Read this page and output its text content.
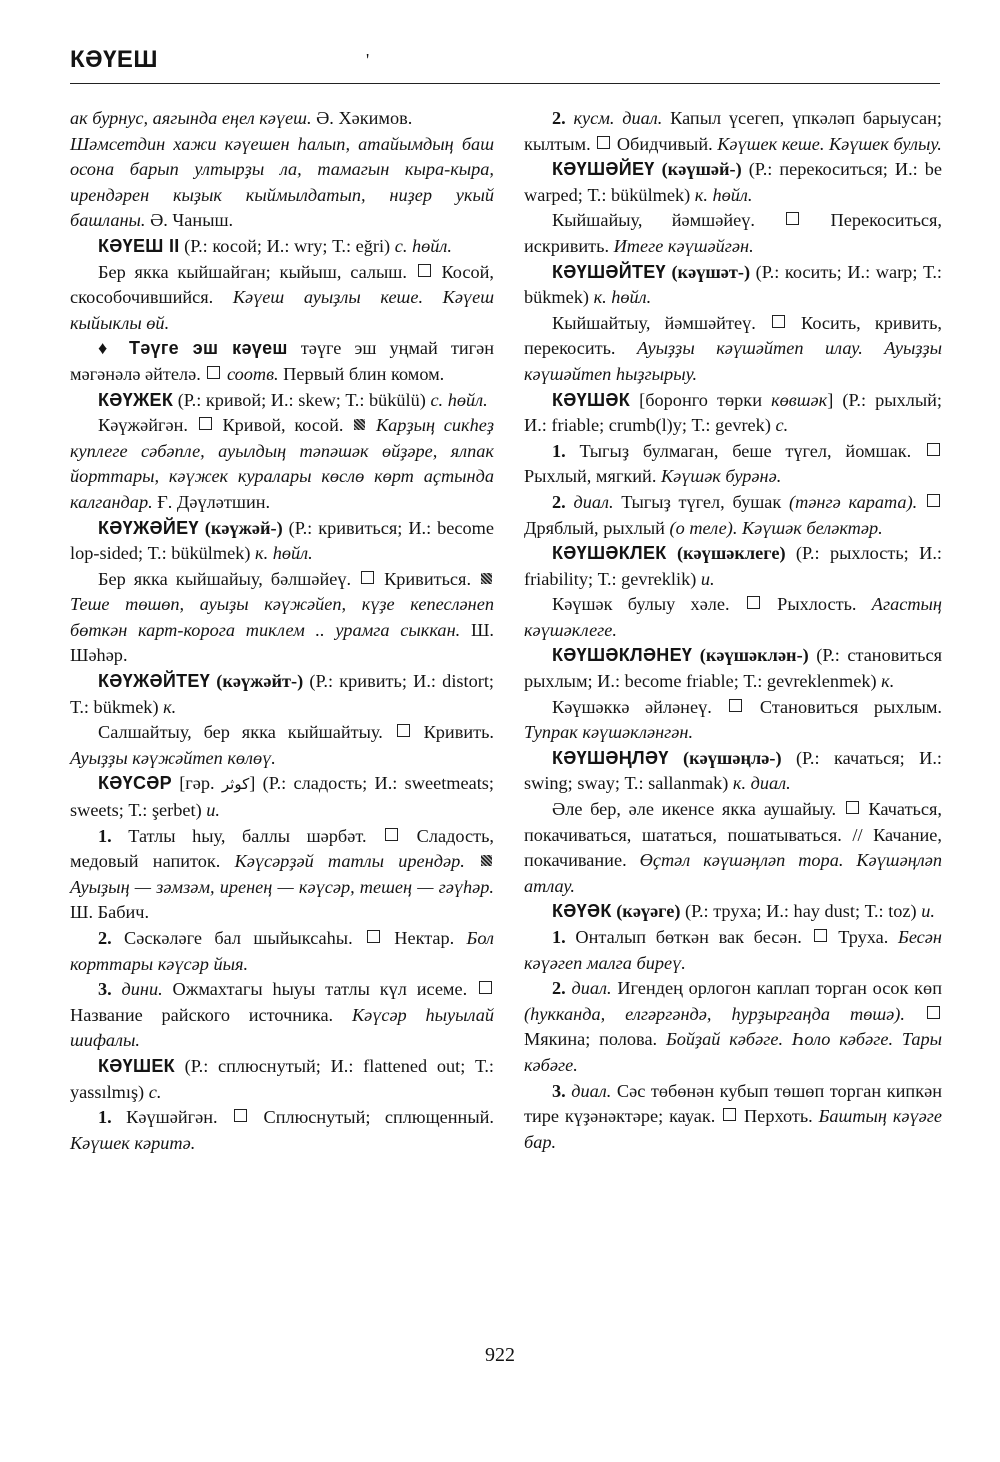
КӘҮЕШ	'

ак бурнус, аягында еңел кәүеш. Ә. Хәкимов.

Шәмсетдин хажи кәүешен һалып, атайымдың баш осона барып ултырҙы ла, тамагын кыра-кыра, ирендәрен кыҙык кыймылдатып, ниҙер укый башланы. Ә. Чаныш.

КӘҮЕШ II (Р.: косой; И.: wry; Т.: eğri) с. һөйл.

Бер якка кыйшайган; кыйыш, салыш.  Косой, скособочившийся. Кәүеш ауыҙлы кеше. Кәүеш кыйыклы өй.

♦ Тәүге эш кәүеш тәүге эш уңмай тигән мәгәнәлә әйтелә.  соотв. Первый блин комом.

КӘҮЖЕК (Р.: кривой; И.: skew; Т.: bükülü) с. һөйл.

Кәүжәйгән.  Кривой, косой.  Карҙың сикһеҙ куплеге сәбәпле, ауылдың тәпәшәк өйҙәре, ялпак йорттары, кәүжек куралары көслө көрт аҫтында калгандар. Ғ. Дәүләтшин.

КӘҮЖӘЙЕҮ (кәүжәй-) (Р.: кривиться; И.: become lop-sided; Т.: bükülmek) к. һөйл.

Бер якка кыйшайыу, бәлшәйеү.  Кривиться.  Теше төшөп, ауыҙы кәүжәйеп, күҙе кепесләнеп бөткән карт-корога тиклем .. урамга сыккан. Ш. Шәһәр.

КӘҮЖӘЙТЕҮ (кәүжәйт-) (Р.: кривить; И.: distort; Т.: bükmek) к.

Салшайтыу, бер якка кыйшайтыу.  Кривить. Ауыҙҙы кәүжәйтеп көлөү.

КӘҮСӘР [гәр. كوثر] (Р.: сладость; И.: sweetmeats; sweets; Т.: şerbet) и.

1. Татлы һыу, баллы шәрбәт.  Сладость, медовый напиток. Кәүсәрҙәй татлы ирендәр.  Ауыҙың — зәмзәм, иренең — кәүсәр, тешең — гәүһәр. Ш. Бабич.

2. Сәскәләге бал шыйыксаһы.  Нектар. Бол корттары кәүсәр йыя.

3. дини. Ожмахтагы һыуы татлы күл исеме.  Название райского источника. Кәүсәр һыуылай шифалы.

КӘҮШЕК (Р.: сплюснутый; И.: flattened out; Т.: yassılmış) с.

1. Кәүшәйгән.  Сплюснутый; сплющенный. Кәүшек кәритә.

2. кусм. диал. Капыл үсегеп, үпкәләп барыусан; кылтым.  Обидчивый. Кәүшек кеше. Кәүшек булыу.

КӘҮШӘЙЕҮ (кәүшәй-) (Р.: перекоситься; И.: be warped; Т.: bükülmek) к. һөйл.

Кыйшайыу, йәмшәйеү.	Перекоситься, искривить. Итеге кәүшәйгән.

КӘҮШӘЙТЕҮ (кәүшәт-) (Р.: косить; И.: warp; Т.: bükmek) к. һөйл.

Кыйшайтыу, йәмшәйтеү.  Косить, кривить, перекосить. Ауыҙҙы кәүшәйтеп илау. Ауыҙҙы кәүшәйтеп һыҙгырыу.

КӘҮШӘК [боронго төрки көвшәк] (Р.: рыхлый; И.: friable; crumb(l)y; Т.: gevrek) с.

1. Тыгыҙ булмаган, беше түгел, йомшак.  Рыхлый, мягкий. Кәүшәк бурәнә.

2. диал. Тыгыҙ түгел, бушак (тәнгә карата).  Дряблый, рыхлый (о теле). Кәүшәк беләктәр.

КӘҮШӘКЛЕК (кәүшәклеге) (Р.: рыхлость; И.: friability; Т.: gevreklik) и.

Кәүшәк булыу хәле.  Рыхлость. Агастың кәүшәклеге.

КӘҮШӘКЛӘНЕҮ (кәүшәклән-) (Р.: становиться рыхлым; И.: become friable; Т.: gevreklenmek) к.

Кәүшәккә әйләнеү.  Становиться рыхлым. Тупрак кәүшәкләнгән.

КӘҮШӘҢЛӘҮ (кәүшәңлә-) (Р.: качаться; И.: swing; sway; Т.: sallanmak) к. диал.

Әле бер, әле икенсе якка аушайыу.  Качаться, покачиваться, шататься, пошатываться. // Качание, покачивание. Өҫтәл кәүшәңләп тора. Кәүшәңләп атлау.

КӘҮӘК (кәүәге) (Р.: труха; И.: hay dust; Т.: toz) и.

1. Онталып бөткән вак бесән.  Труха. Бесән кәүәгеп малга биреү.

2. диал. Игендең орлогон каплап торган осок көп (һукканда, елгәргәндә, һурҙыргаңда төшә).  Мякина; полова. Бойҙай кәбәге. Һоло кәбәге. Тары кәбәге.

3. диал. Сәс төбөнән кубып төшөп торган кипкән тире күҙәнәктәре; кауак.  Перхоть. Баштың кәүәге бар.

922
